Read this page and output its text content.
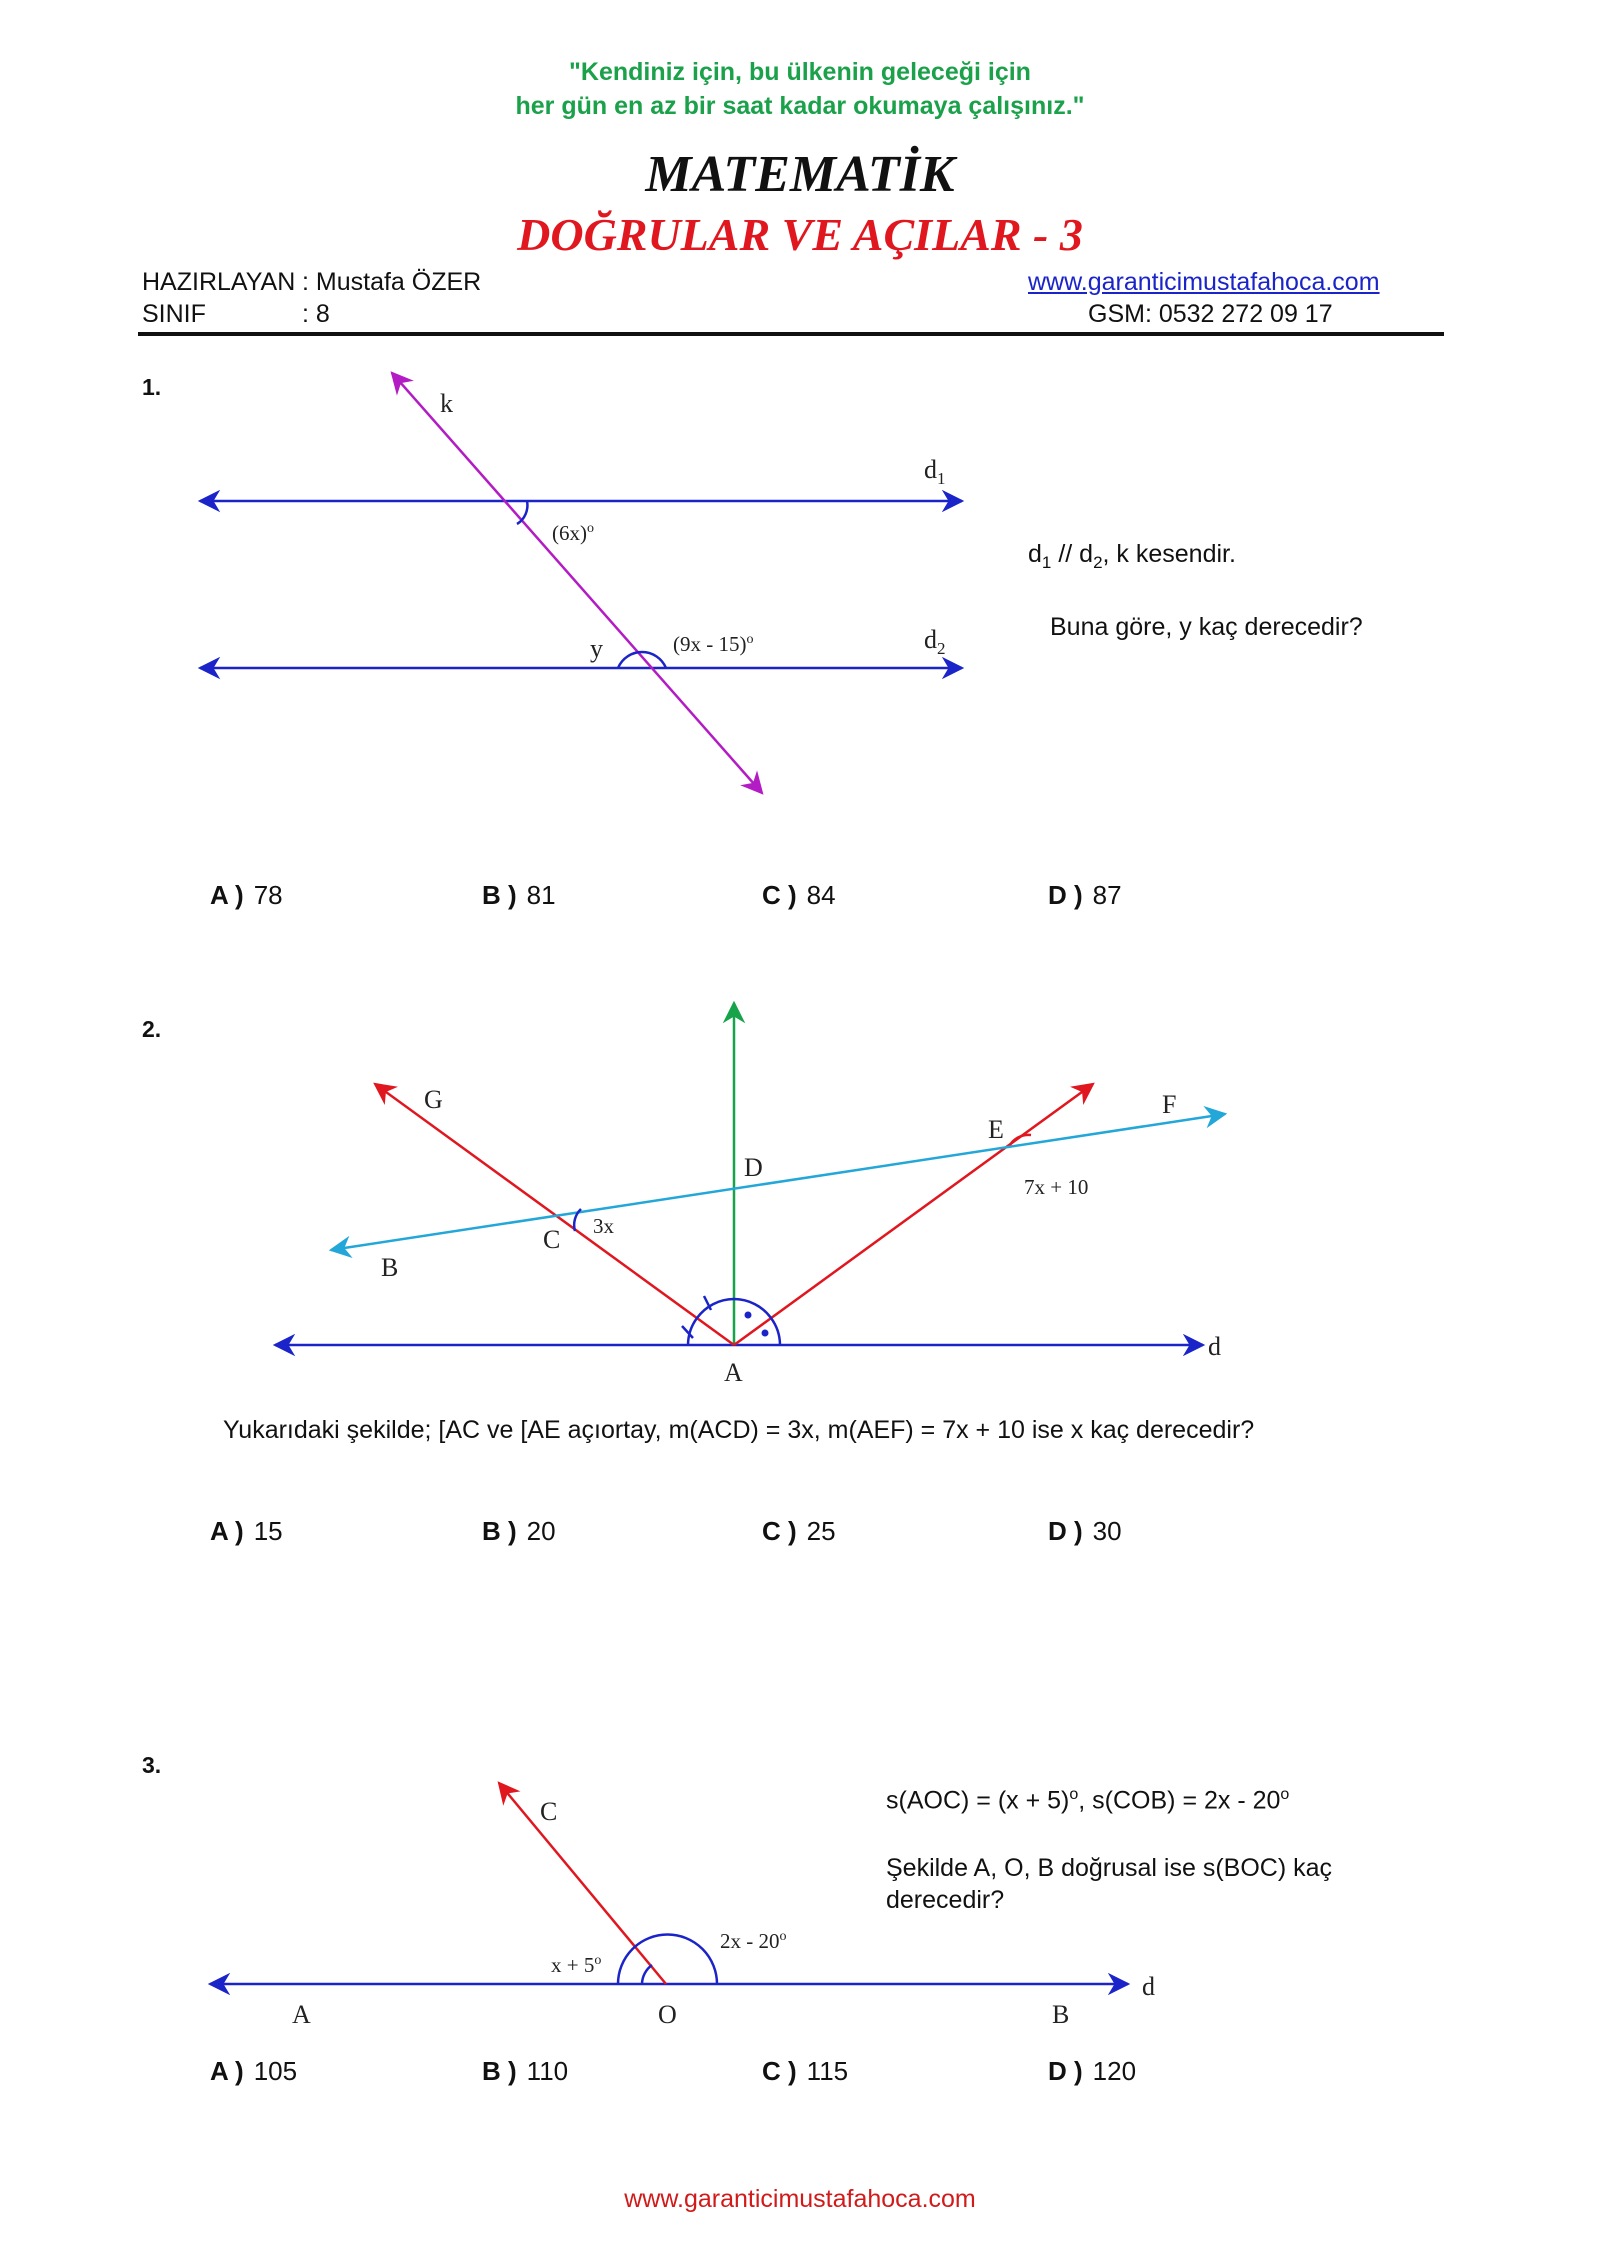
"Kendiniz için, bu ülkenin geleceği için
her gün en az bir saat kadar okumaya çalışınız."
MATEMATİK
DOĞRULAR VE AÇILAR - 3
HAZIRLAYAN : Mustafa ÖZER
SINIF	: 8
www.garanticimustafahoca.com
GSM: 0532 272 09 17
1.
k
$d_1$
$d_2$
$(6x)^o$
(9x - 15)$^o$
y
G	F
E
D
C
B
A
d
3x
7x + 10
C
A	O	B
d
$x + 5^o$
2x - 20$^o$
$d_1 // d_2$, k kesendir.
Buna göre, y kaç derecedir?
A ) 78	B ) 81	C ) 84	D ) 87
2.
Yukarıdaki şekilde; [AC ve [AE açıortay, m(ACD) = 3x, m(AEF) = 7x + 10 ise x kaç derecedir?
A ) 15	B ) 20	C ) 25	D ) 30
3.
$s(AOC) = (x + 5)^o$, s(COB) = 2x - 20$^o$
Şekilde A, O, B doğrusal ise s(BOC) kaç
derecedir?
A ) 105	B ) 110	C ) 115	D ) 120
www.garanticimustafahoca.com
